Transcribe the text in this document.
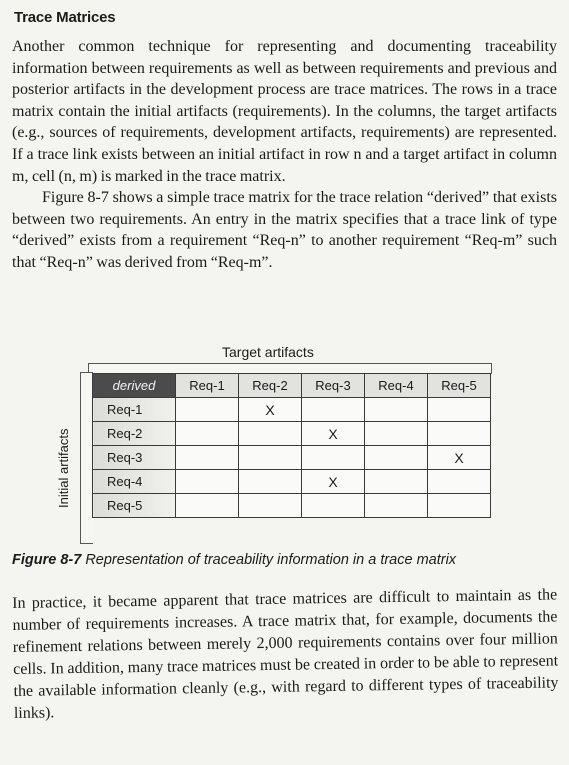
Trace Matrices

Another common technique for representing and documenting traceability information between requirements as well as between requirements and previous and posterior artifacts in the development process are trace matrices. The rows in a trace matrix contain the initial artifacts (requirements). In the columns, the target artifacts (e.g., sources of requirements, development artifacts, requirements) are represented. If a trace link exists between an initial artifact in row n and a target artifact in column m, cell (n, m) is marked in the trace matrix.

Figure 8-7 shows a simple trace matrix for the trace relation “derived” that exists between two requirements. An entry in the matrix specifies that a trace link of type “derived” exists from a requirement “Req-n” to another requirement “Req-m” such that “Req-n” was derived from “Req-m”.

Target artifacts
Initial artifacts
derived	Req-1	Req-2	Req-3	Req-4	Req-5
Req-1		X			
Req-2			X		
Req-3					X
Req-4			X		
Req-5					
Figure 8-7 Representation of traceability information in a trace matrix

In practice, it became apparent that trace matrices are difficult to maintain as the number of requirements increases. A trace matrix that, for example, documents the refinement relations between merely 2,000 requirements contains over four million cells. In addition, many trace matrices must be created in order to be able to represent the available information cleanly (e.g., with regard to different types of traceability links).
